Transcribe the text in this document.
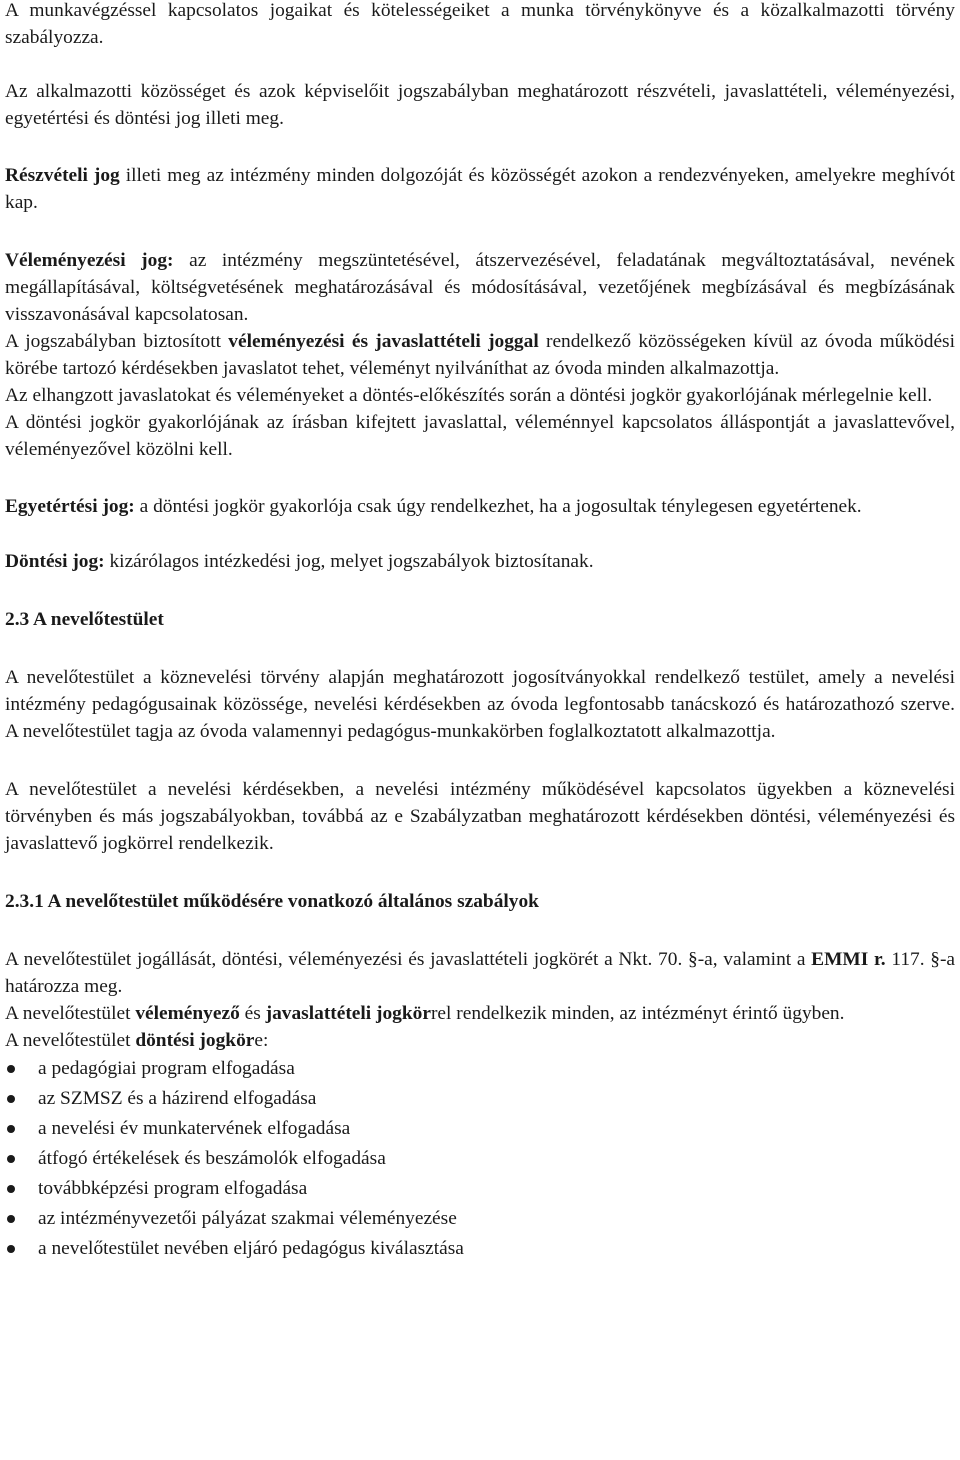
A munkavégzéssel kapcsolatos jogaikat és kötelességeiket a munka törvénykönyve és a közalkalmazotti törvény szabályozza.

Az alkalmazotti közösséget és azok képviselőit jogszabályban meghatározott részvételi, javaslattételi, véleményezési, egyetértési és döntési jog illeti meg.

Részvételi jog illeti meg az intézmény minden dolgozóját és közösségét azokon a rendezvényeken, amelyekre meghívót kap.

Véleményezési jog: az intézmény megszüntetésével, átszervezésével, feladatának megváltoztatásával, nevének megállapításával, költségvetésének meghatározásával és módosításával, vezetőjének megbízásával és megbízásának visszavonásával kapcsolatosan.

A jogszabályban biztosított véleményezési és javaslattételi joggal rendelkező közösségeken kívül az óvoda működési körébe tartozó kérdésekben javaslatot tehet, véleményt nyilváníthat az óvoda minden alkalmazottja.

Az elhangzott javaslatokat és véleményeket a döntés-előkészítés során a döntési jogkör gyakorlójának mérlegelnie kell.

A döntési jogkör gyakorlójának az írásban kifejtett javaslattal, véleménnyel kapcsolatos álláspontját a javaslattevővel, véleményezővel közölni kell.

Egyetértési jog: a döntési jogkör gyakorlója csak úgy rendelkezhet, ha a jogosultak ténylegesen egyetértenek.

Döntési jog: kizárólagos intézkedési jog, melyet jogszabályok biztosítanak.

2.3 A nevelőtestület

A nevelőtestület a köznevelési törvény alapján meghatározott jogosítványokkal rendelkező testület, amely a nevelési intézmény pedagógusainak közössége, nevelési kérdésekben az óvoda legfontosabb tanácskozó és határozathozó szerve. A nevelőtestület tagja az óvoda valamennyi pedagógus-munkakörben foglalkoztatott alkalmazottja.

A nevelőtestület a nevelési kérdésekben, a nevelési intézmény működésével kapcsolatos ügyekben a köznevelési törvényben és más jogszabályokban, továbbá az e Szabályzatban meghatározott kérdésekben döntési, véleményezési és javaslattevő jogkörrel rendelkezik.

2.3.1 A nevelőtestület működésére vonatkozó általános szabályok

A nevelőtestület jogállását, döntési, véleményezési és javaslattételi jogkörét a Nkt. 70. §-a, valamint a EMMI r. 117. §-a határozza meg.

A nevelőtestület véleményező és javaslattételi jogkörrel rendelkezik minden, az intézményt érintő ügyben.

A nevelőtestület döntési jogköre:

a pedagógiai program elfogadása
az SZMSZ és a házirend elfogadása
a nevelési év munkatervének elfogadása
átfogó értékelések és beszámolók elfogadása
továbbképzési program elfogadása
az intézményvezetői pályázat szakmai véleményezése
a nevelőtestület nevében eljáró pedagógus kiválasztása
